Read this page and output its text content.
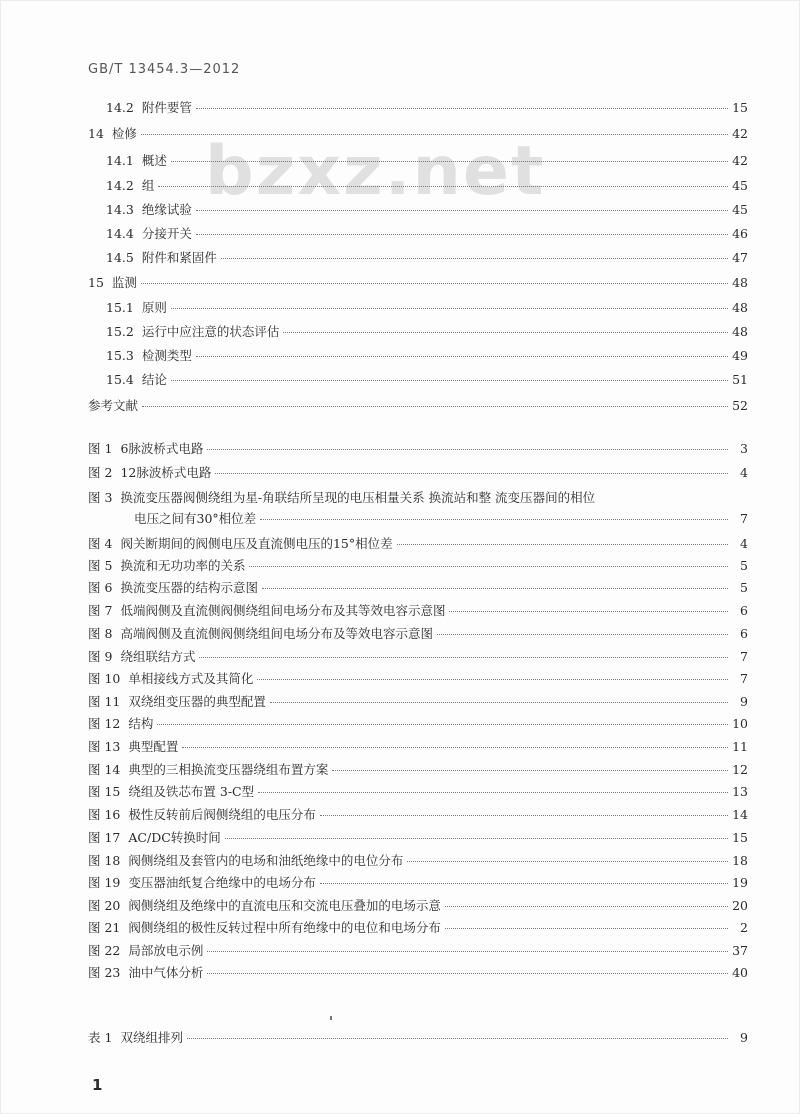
GB/T 13454.3—2012
bzxz.net
14.2 附件要管	15
14 检修	42
14.1 概述	42
14.2 组	45
14.3 绝缘试验	45
14.4 分接开关	46
14.5 附件和紧固件	47
15 监测	48
15.1 原则	48
15.2 运行中应注意的状态评估	48
15.3 检测类型	49
15.4 结论	51
参考文献	52
图 1 6脉波桥式电路	3
图 2 12脉波桥式电路	4
图 3 换流变压器阀侧绕组为星-角联结所呈现的电压相量关系 换流站和整 流变压器间的相位
电压之间有30°相位差	7
图 4 阀关断期间的阀侧电压及直流侧电压的15°相位差	4
图 5 换流和无功功率的关系	5
图 6 换流变压器的结构示意图	5
图 7 低端阀侧及直流侧阀侧绕组间电场分布及其等效电容示意图	6
图 8 高端阀侧及直流侧阀侧绕组间电场分布及等效电容示意图	6
图 9 绕组联结方式	7
图 10 单相接线方式及其简化	7
图 11 双绕组变压器的典型配置	9
图 12 结构	10
图 13 典型配置	11
图 14 典型的三相换流变压器绕组布置方案	12
图 15 绕组及铁芯布置 3-C型	13
图 16 极性反转前后阀侧绕组的电压分布	14
图 17 AC/DC转换时间	15
图 18 阀侧绕组及套管内的电场和油纸绝缘中的电位分布	18
图 19 变压器油纸复合绝缘中的电场分布	19
图 20 阀侧绕组及绝缘中的直流电压和交流电压叠加的电场示意	20
图 21 阀侧绕组的极性反转过程中所有绝缘中的电位和电场分布	2
图 22 局部放电示例	37
图 23 油中气体分析	40
表 1 双绕组排列	9
1
